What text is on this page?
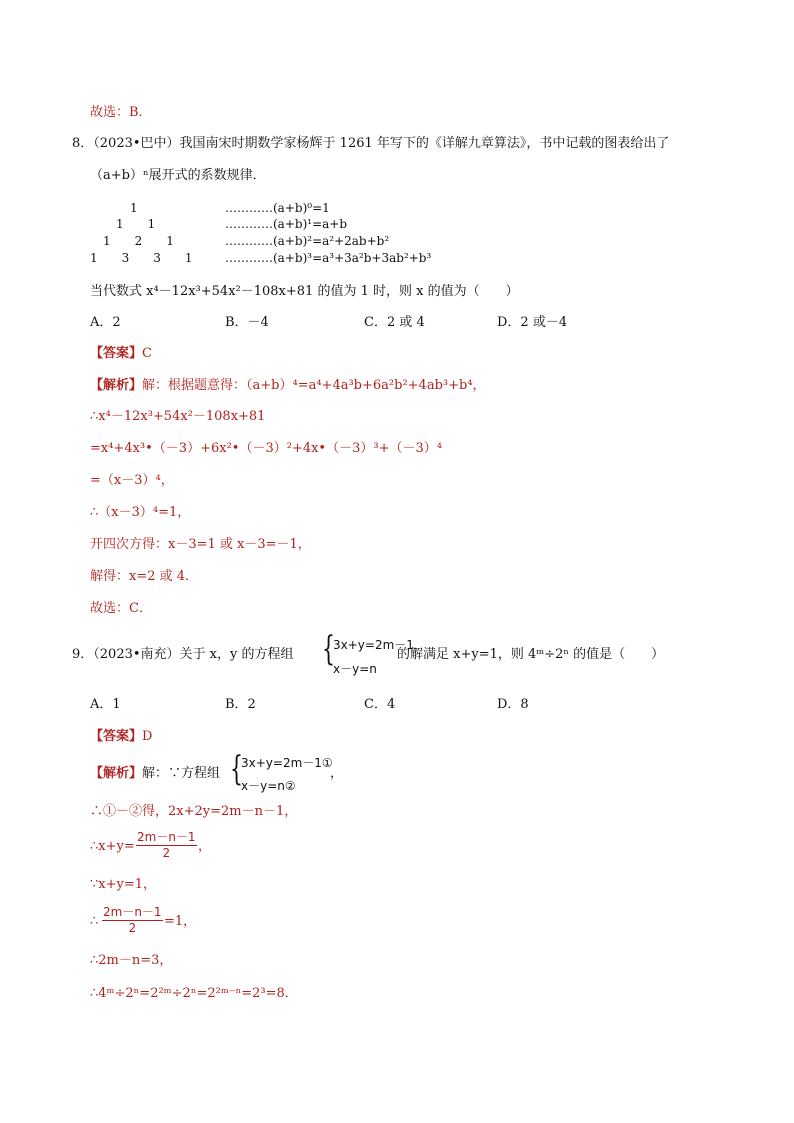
故选：B．
8．（2023•巴中）我国南宋时期数学家杨辉于 1261 年写下的《详解九章算法》，书中记载的图表给出了
（a+b）ⁿ展开式的系数规律．
1	…………(a+b)⁰=1
1　　1	…………(a+b)¹=a+b
1　　2　　1	…………(a+b)²=a²+2ab+b²
1　　3　　3　　1	…………(a+b)³=a³+3a²b+3ab²+b³
当代数式 x⁴－12x³+54x²－108x+81 的值为 1 时，则 x 的值为（　　）
A．2	B．－4	C．2 或 4	D．2 或－4
【答案】C
【解析】解：根据题意得：（a+b）⁴=a⁴+4a³b+6a²b²+4ab³+b⁴，
∴x⁴－12x³+54x²－108x+81
=x⁴+4x³•（－3）+6x²•（－3）²+4x•（－3）³+（－3）⁴
=（x－3）⁴，
∴（x－3）⁴=1，
开四次方得：x－3=1 或 x－3=－1，
解得：x=2 或 4．
故选：C．
9．（2023•南充）关于 x，y 的方程组 {
3x+y=2m－1，
x－y=n
的解满足 x+y=1，则 4ᵐ÷2ⁿ 的值是（　　）
A．1	B．2	C．4	D．8
【答案】D
【解析】解：∵方程组 {
3x+y=2m－1①
x－y=n②
，
∴①－②得，2x+2y=2m－n－1，
∴x+y= $\frac{2m-n-1}{2}$ ，
∵x+y=1，
∴ $\frac{2m-n-1}{2} =1$，
∴2m－n=3，
∴4ᵐ÷2ⁿ=2²ᵐ÷2ⁿ=2²ᵐ⁻ⁿ=2³=8．
